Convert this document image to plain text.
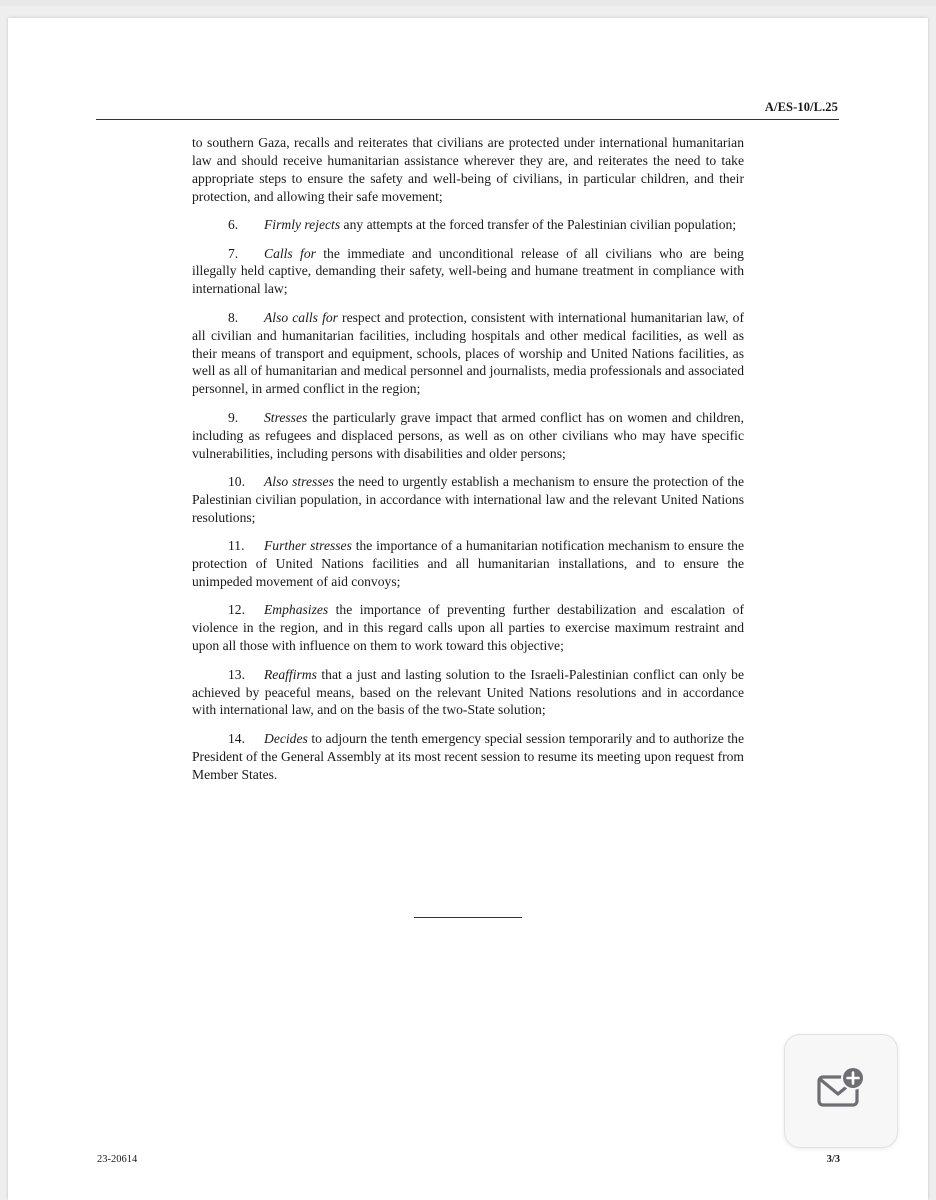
A/ES-10/L.25

to southern Gaza, recalls and reiterates that civilians are protected under international humanitarian law and should receive humanitarian assistance wherever they are, and reiterates the need to take appropriate steps to ensure the safety and well-being of civilians, in particular children, and their protection, and allowing their safe movement;

6. Firmly rejects any attempts at the forced transfer of the Palestinian civilian population;

7. Calls for the immediate and unconditional release of all civilians who are being illegally held captive, demanding their safety, well-being and humane treatment in compliance with international law;

8. Also calls for respect and protection, consistent with international humanitarian law, of all civilian and humanitarian facilities, including hospitals and other medical facilities, as well as their means of transport and equipment, schools, places of worship and United Nations facilities, as well as all of humanitarian and medical personnel and journalists, media professionals and associated personnel, in armed conflict in the region;

9. Stresses the particularly grave impact that armed conflict has on women and children, including as refugees and displaced persons, as well as on other civilians who may have specific vulnerabilities, including persons with disabilities and older persons;

10. Also stresses the need to urgently establish a mechanism to ensure the protection of the Palestinian civilian population, in accordance with international law and the relevant United Nations resolutions;

11. Further stresses the importance of a humanitarian notification mechanism to ensure the protection of United Nations facilities and all humanitarian installations, and to ensure the unimpeded movement of aid convoys;

12. Emphasizes the importance of preventing further destabilization and escalation of violence in the region, and in this regard calls upon all parties to exercise maximum restraint and upon all those with influence on them to work toward this objective;

13. Reaffirms that a just and lasting solution to the Israeli-Palestinian conflict can only be achieved by peaceful means, based on the relevant United Nations resolutions and in accordance with international law, and on the basis of the two-State solution;

14. Decides to adjourn the tenth emergency special session temporarily and to authorize the President of the General Assembly at its most recent session to resume its meeting upon request from Member States.

23-20614	3/3
